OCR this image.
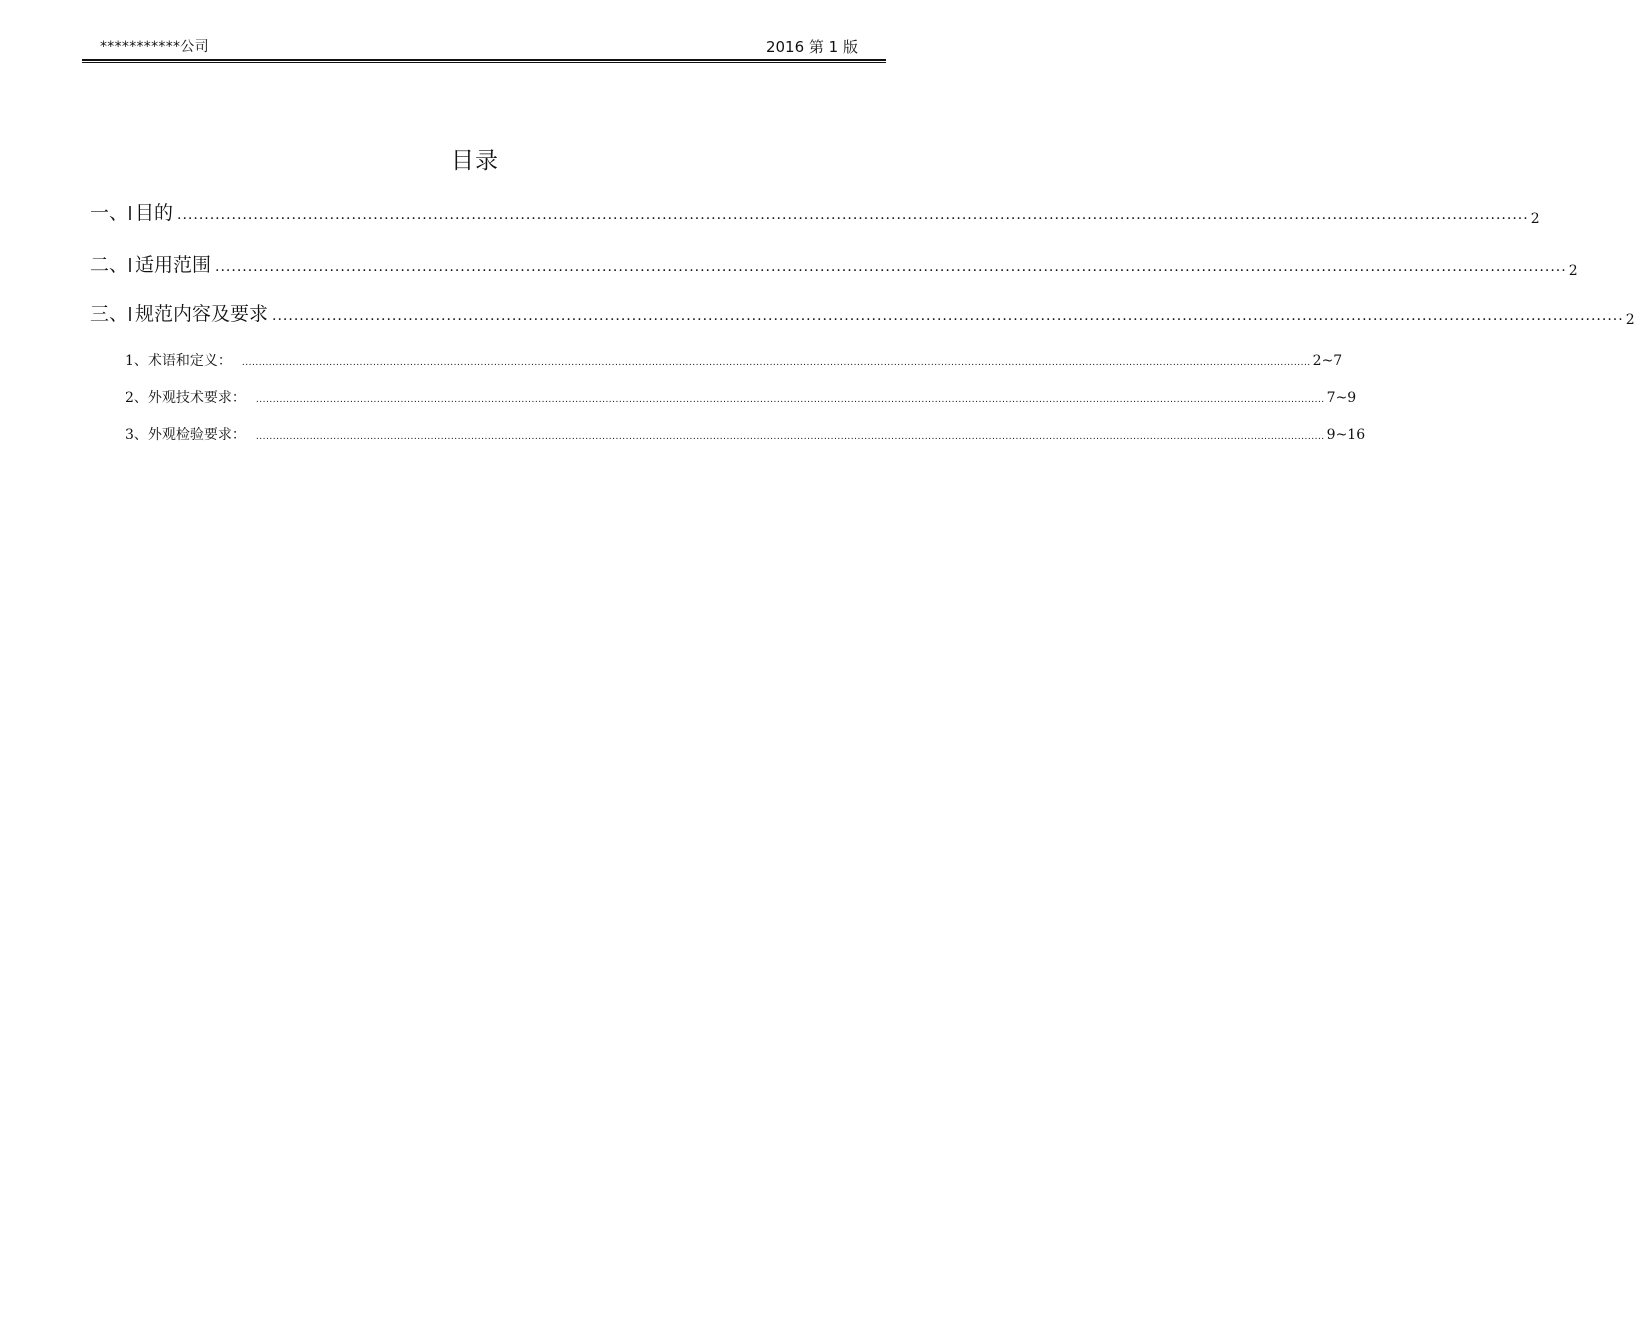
***********公司	2016 第 1 版
目录
一、 目的 ........................................................................................................................................................................................................................................................ 2
二、 适用范围 ........................................................................................................................................................................................................................................................ 2
三、 规范内容及要求 ........................................................................................................................................................................................................................................................ 2
1、 术语和定义： .............................................................................................................................................................................................................................................................................................................................. 2~7
2、 外观技术要求： .............................................................................................................................................................................................................................................................................................................................. 7~9
3、 外观检验要求： .............................................................................................................................................................................................................................................................................................................................. 9~16
